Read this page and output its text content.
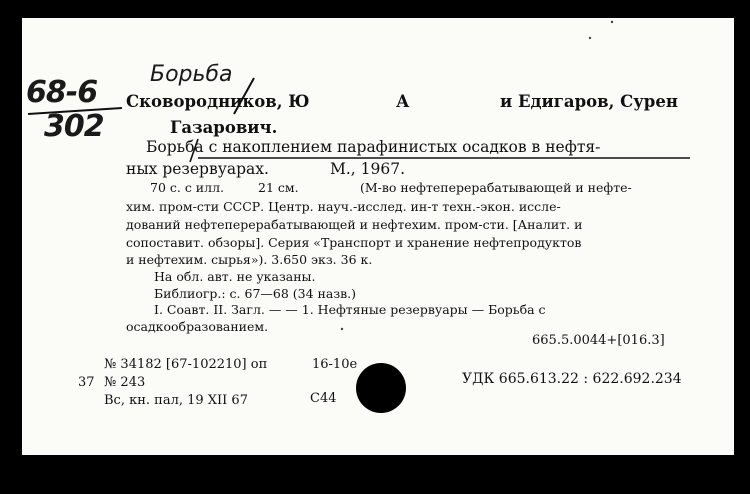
68-6
302
Борьба
Сковородников, Ю	А	и Едигаров, Сурен
Газарович.
Борьба с накоплением парафинистых осадков в нефтя-
ных резервуарах.	М., 1967.
70 с. с илл.	21 см.	(М-во нефтеперерабатывающей и нефте-
хим. пром-сти СССР. Центр. науч.-исслед. ин-т техн.-экон. иссле-
дований нефтеперерабатывающей и нефтехим. пром-сти. [Аналит. и
сопоставит. обзоры]. Серия «Транспорт и хранение нефтепродуктов
и нефтехим. сырья»). 3.650 экз. 36 к.
На обл. авт. не указаны.
Библиогр.: с. 67—68 (34 назв.)
I. Соавт. II. Загл. — — 1. Нефтяные резервуары — Борьба с
осадкообразованием.
665.5.0044+[016.3]
№ 34182 [67-102210] оп	16-10e
37 № 243
Вс, кн. пал, 19 XII 67	С44
УДК 665.613.22 : 622.692.234
